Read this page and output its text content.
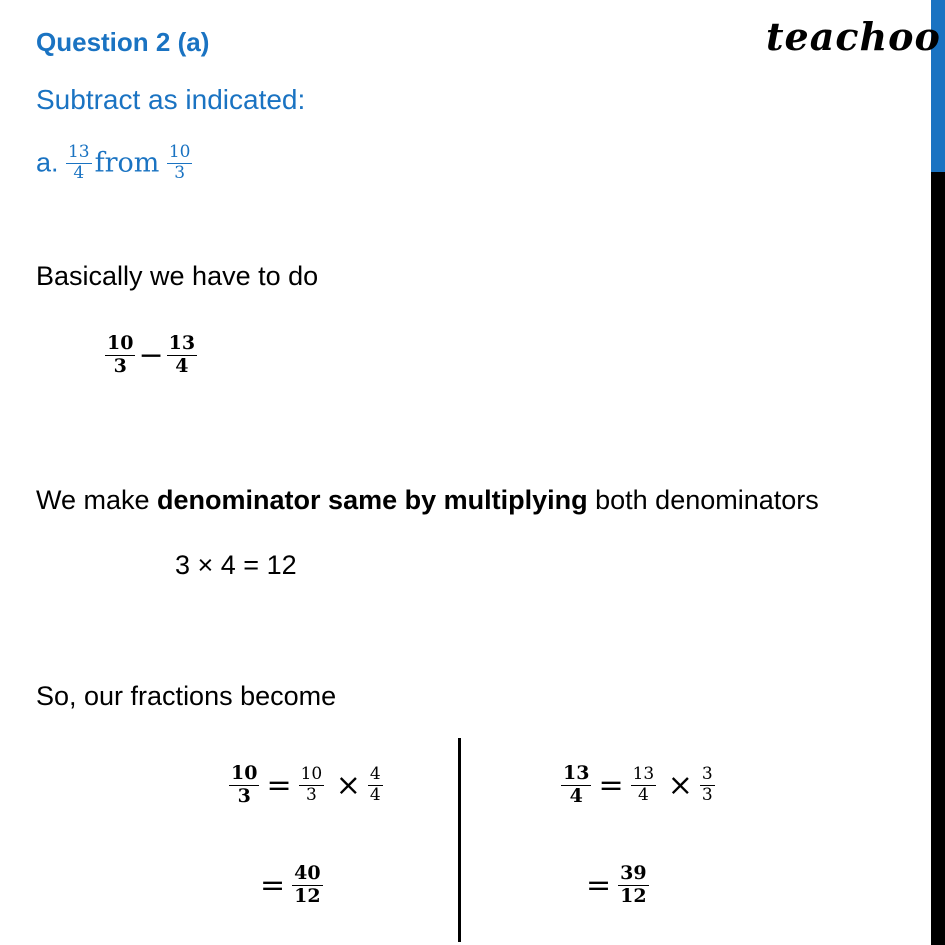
teachoo
Question 2 (a)
Subtract as indicated:
a. $\frac{13}{4}$ from $\frac{10}{3}$
Basically we have to do
$\frac{10}{3} - \frac{13}{4}$
We make denominator same by multiplying both denominators
3 × 4 = 12
So, our fractions become
$\frac{10}{3} = \frac{10}{3} \times \frac{4}{4}$
= $\frac{40}{12}$
$\frac{13}{4} = \frac{13}{4} \times \frac{3}{3}$
= $\frac{39}{12}$
